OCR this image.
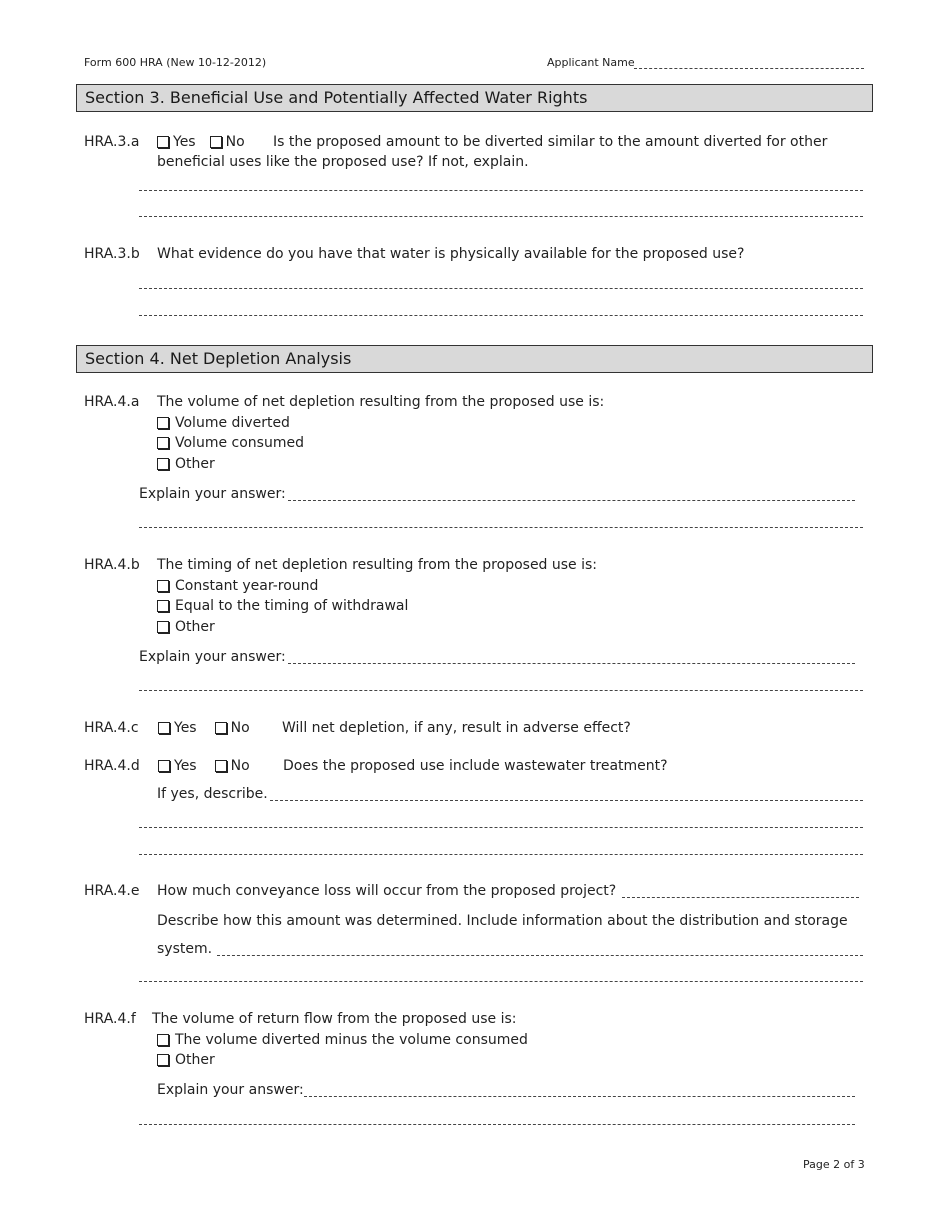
Form 600 HRA (New 10-12-2012)	Applicant Name
Section 3. Beneficial Use and Potentially Affected Water Rights
HRA.3.a	Yes No Is the proposed amount to be diverted similar to the amount diverted for other
beneficial uses like the proposed use? If not, explain.
HRA.3.b What evidence do you have that water is physically available for the proposed use?
Section 4. Net Depletion Analysis
HRA.4.a The volume of net depletion resulting from the proposed use is:
Volume diverted
Volume consumed
Other
Explain your answer:
HRA.4.b The timing of net depletion resulting from the proposed use is:
Constant year-round
Equal to the timing of withdrawal
Other
Explain your answer:
HRA.4.c	Yes No Will net depletion, if any, result in adverse effect?
HRA.4.d	Yes No Does the proposed use include wastewater treatment?
If yes, describe.
HRA.4.e How much conveyance loss will occur from the proposed project?
Describe how this amount was determined. Include information about the distribution and storage
system.
HRA.4.f The volume of return flow from the proposed use is:
The volume diverted minus the volume consumed
Other
Explain your answer:
Page 2 of 3
